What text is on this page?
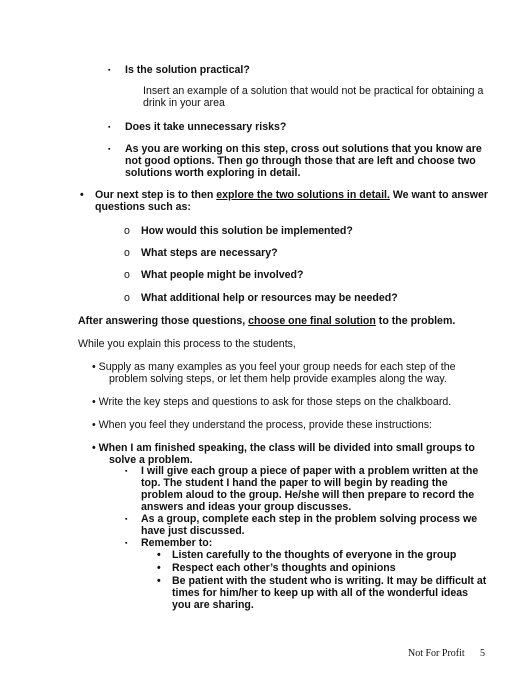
▪ Is the solution practical?
Insert an example of a solution that would not be practical for obtaining a
drink in your area
▪ Does it take unnecessary risks?
▪ As you are working on this step, cross out solutions that you know are
not good options. Then go through those that are left and choose two
solutions worth exploring in detail.
• Our next step is to then explore the two solutions in detail. We want to answer
questions such as:
o How would this solution be implemented?
o What steps are necessary?
o What people might be involved?
o What additional help or resources may be needed?
After answering those questions, choose one final solution to the problem.
While you explain this process to the students,
• Supply as many examples as you feel your group needs for each step of the
problem solving steps, or let them help provide examples along the way.
• Write the key steps and questions to ask for those steps on the chalkboard.
• When you feel they understand the process, provide these instructions:
• When I am finished speaking, the class will be divided into small groups to
solve a problem.
▪ I will give each group a piece of paper with a problem written at the
top. The student I hand the paper to will begin by reading the
problem aloud to the group. He/she will then prepare to record the
answers and ideas your group discusses.
▪ As a group, complete each step in the problem solving process we
have just discussed.
▪ Remember to:
• Listen carefully to the thoughts of everyone in the group
• Respect each other’s thoughts and opinions
• Be patient with the student who is writing. It may be difficult at
times for him/her to keep up with all of the wonderful ideas
you are sharing.
Not For Profit 5
